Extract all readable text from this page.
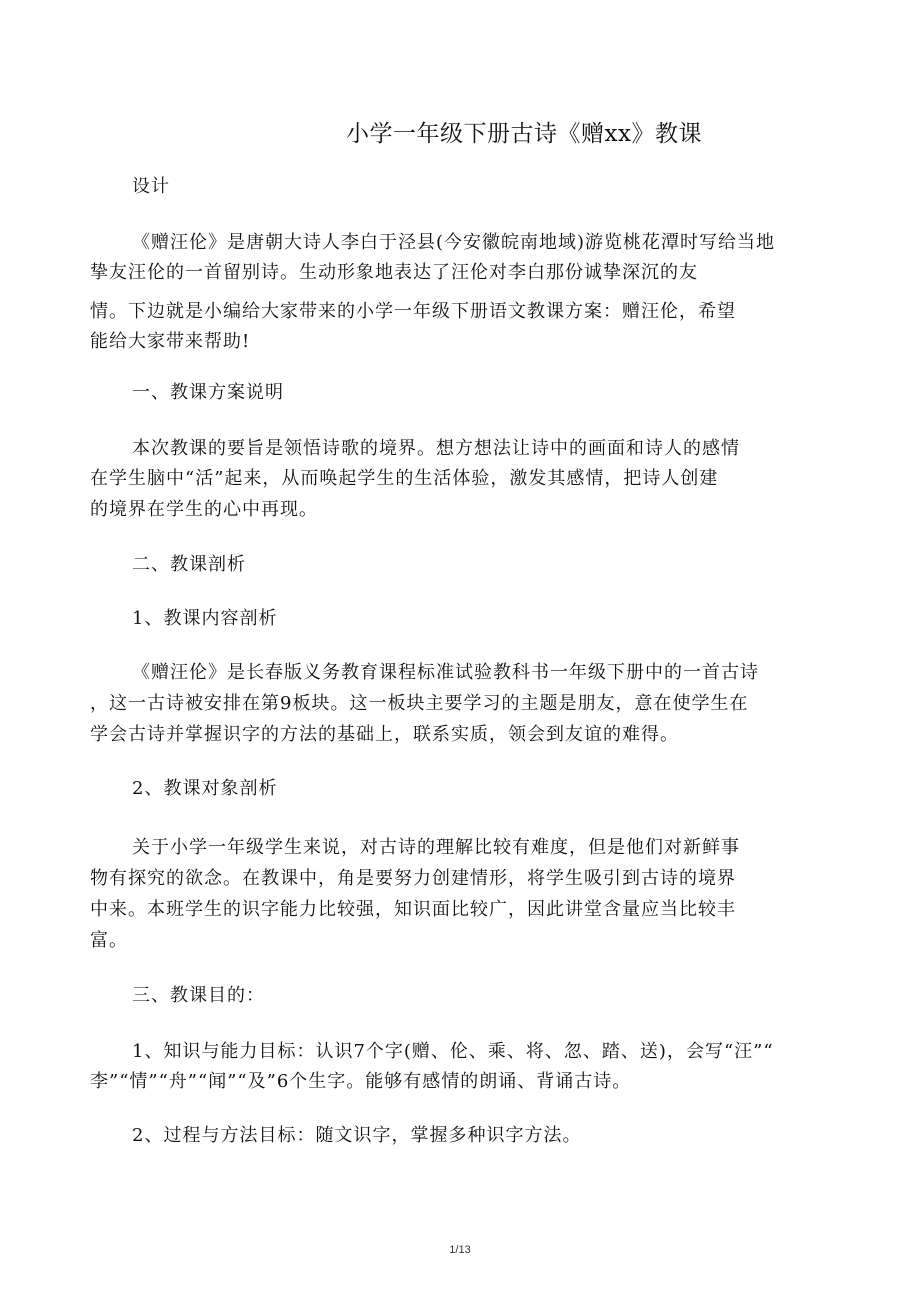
小学一年级下册古诗《赠xx》教课
设计
《赠汪伦》是唐朝大诗人李白于泾县(今安徽皖南地域)游览桃花潭时写给当地
挚友汪伦的一首留别诗。生动形象地表达了汪伦对李白那份诚挚深沉的友
情。下边就是小编给大家带来的小学一年级下册语文教课方案：赠汪伦，希望
能给大家带来帮助!
一、教课方案说明
本次教课的要旨是领悟诗歌的境界。想方想法让诗中的画面和诗人的感情
在学生脑中“活”起来，从而唤起学生的生活体验，激发其感情，把诗人创建
的境界在学生的心中再现。
二、教课剖析
1、教课内容剖析
《赠汪伦》是长春版义务教育课程标准试验教科书一年级下册中的一首古诗
，这一古诗被安排在第9板块。这一板块主要学习的主题是朋友，意在使学生在
学会古诗并掌握识字的方法的基础上，联系实质，领会到友谊的难得。
2、教课对象剖析
关于小学一年级学生来说，对古诗的理解比较有难度，但是他们对新鲜事
物有探究的欲念。在教课中，角是要努力创建情形，将学生吸引到古诗的境界
中来。本班学生的识字能力比较强，知识面比较广，因此讲堂含量应当比较丰
富。
三、教课目的：
1、知识与能力目标：认识7个字(赠、伦、乘、将、忽、踏、送)，会写“汪”“
李”“情”“舟”“闻”“及”6个生字。能够有感情的朗诵、背诵古诗。
2、过程与方法目标：随文识字，掌握多种识字方法。
1/13
